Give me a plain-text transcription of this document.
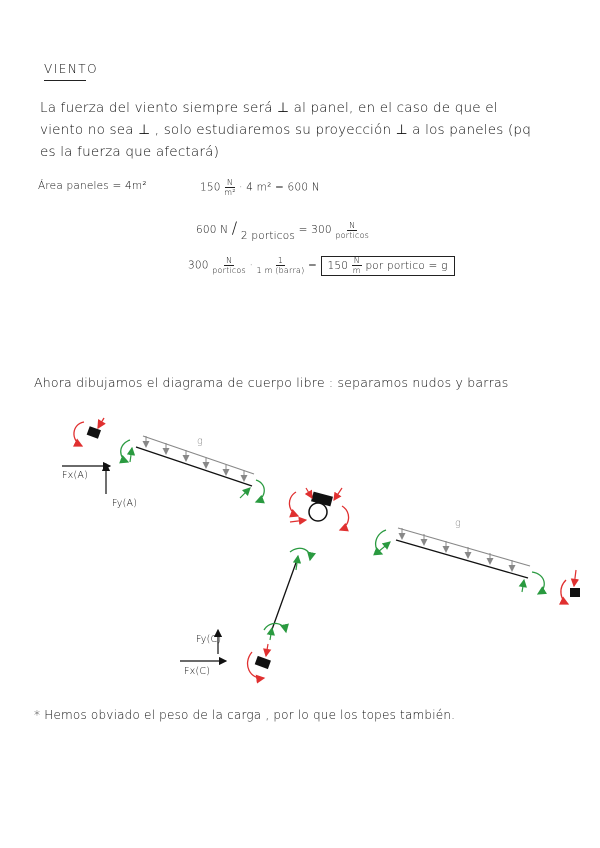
VIENTO
La fuerza del viento siempre será ⊥ al panel, en el caso de que el
viento no sea ⊥ , solo estudiaremos su proyección ⊥ a los paneles (pq
es la fuerza que afectará)
Área paneles = 4m²	$150 \frac{N}{\text{m²}} \cdot 4$ m² = 600 N
600 N / 2 porticos = $300 \frac{N}{\text{porticos}}$
$300 \frac{N}{\text{porticos}} \cdot \frac{1}{\text{1 m (barra)}} = 150 \frac{N}{m}$ por portico = g
Ahora dibujamos el diagrama de cuerpo libre : separamos nudos y barras
Fx(A)
Fy(A)
g
g
Fy(C)
Fx(C)
* Hemos obviado el peso de la carga , por lo que los topes también.
